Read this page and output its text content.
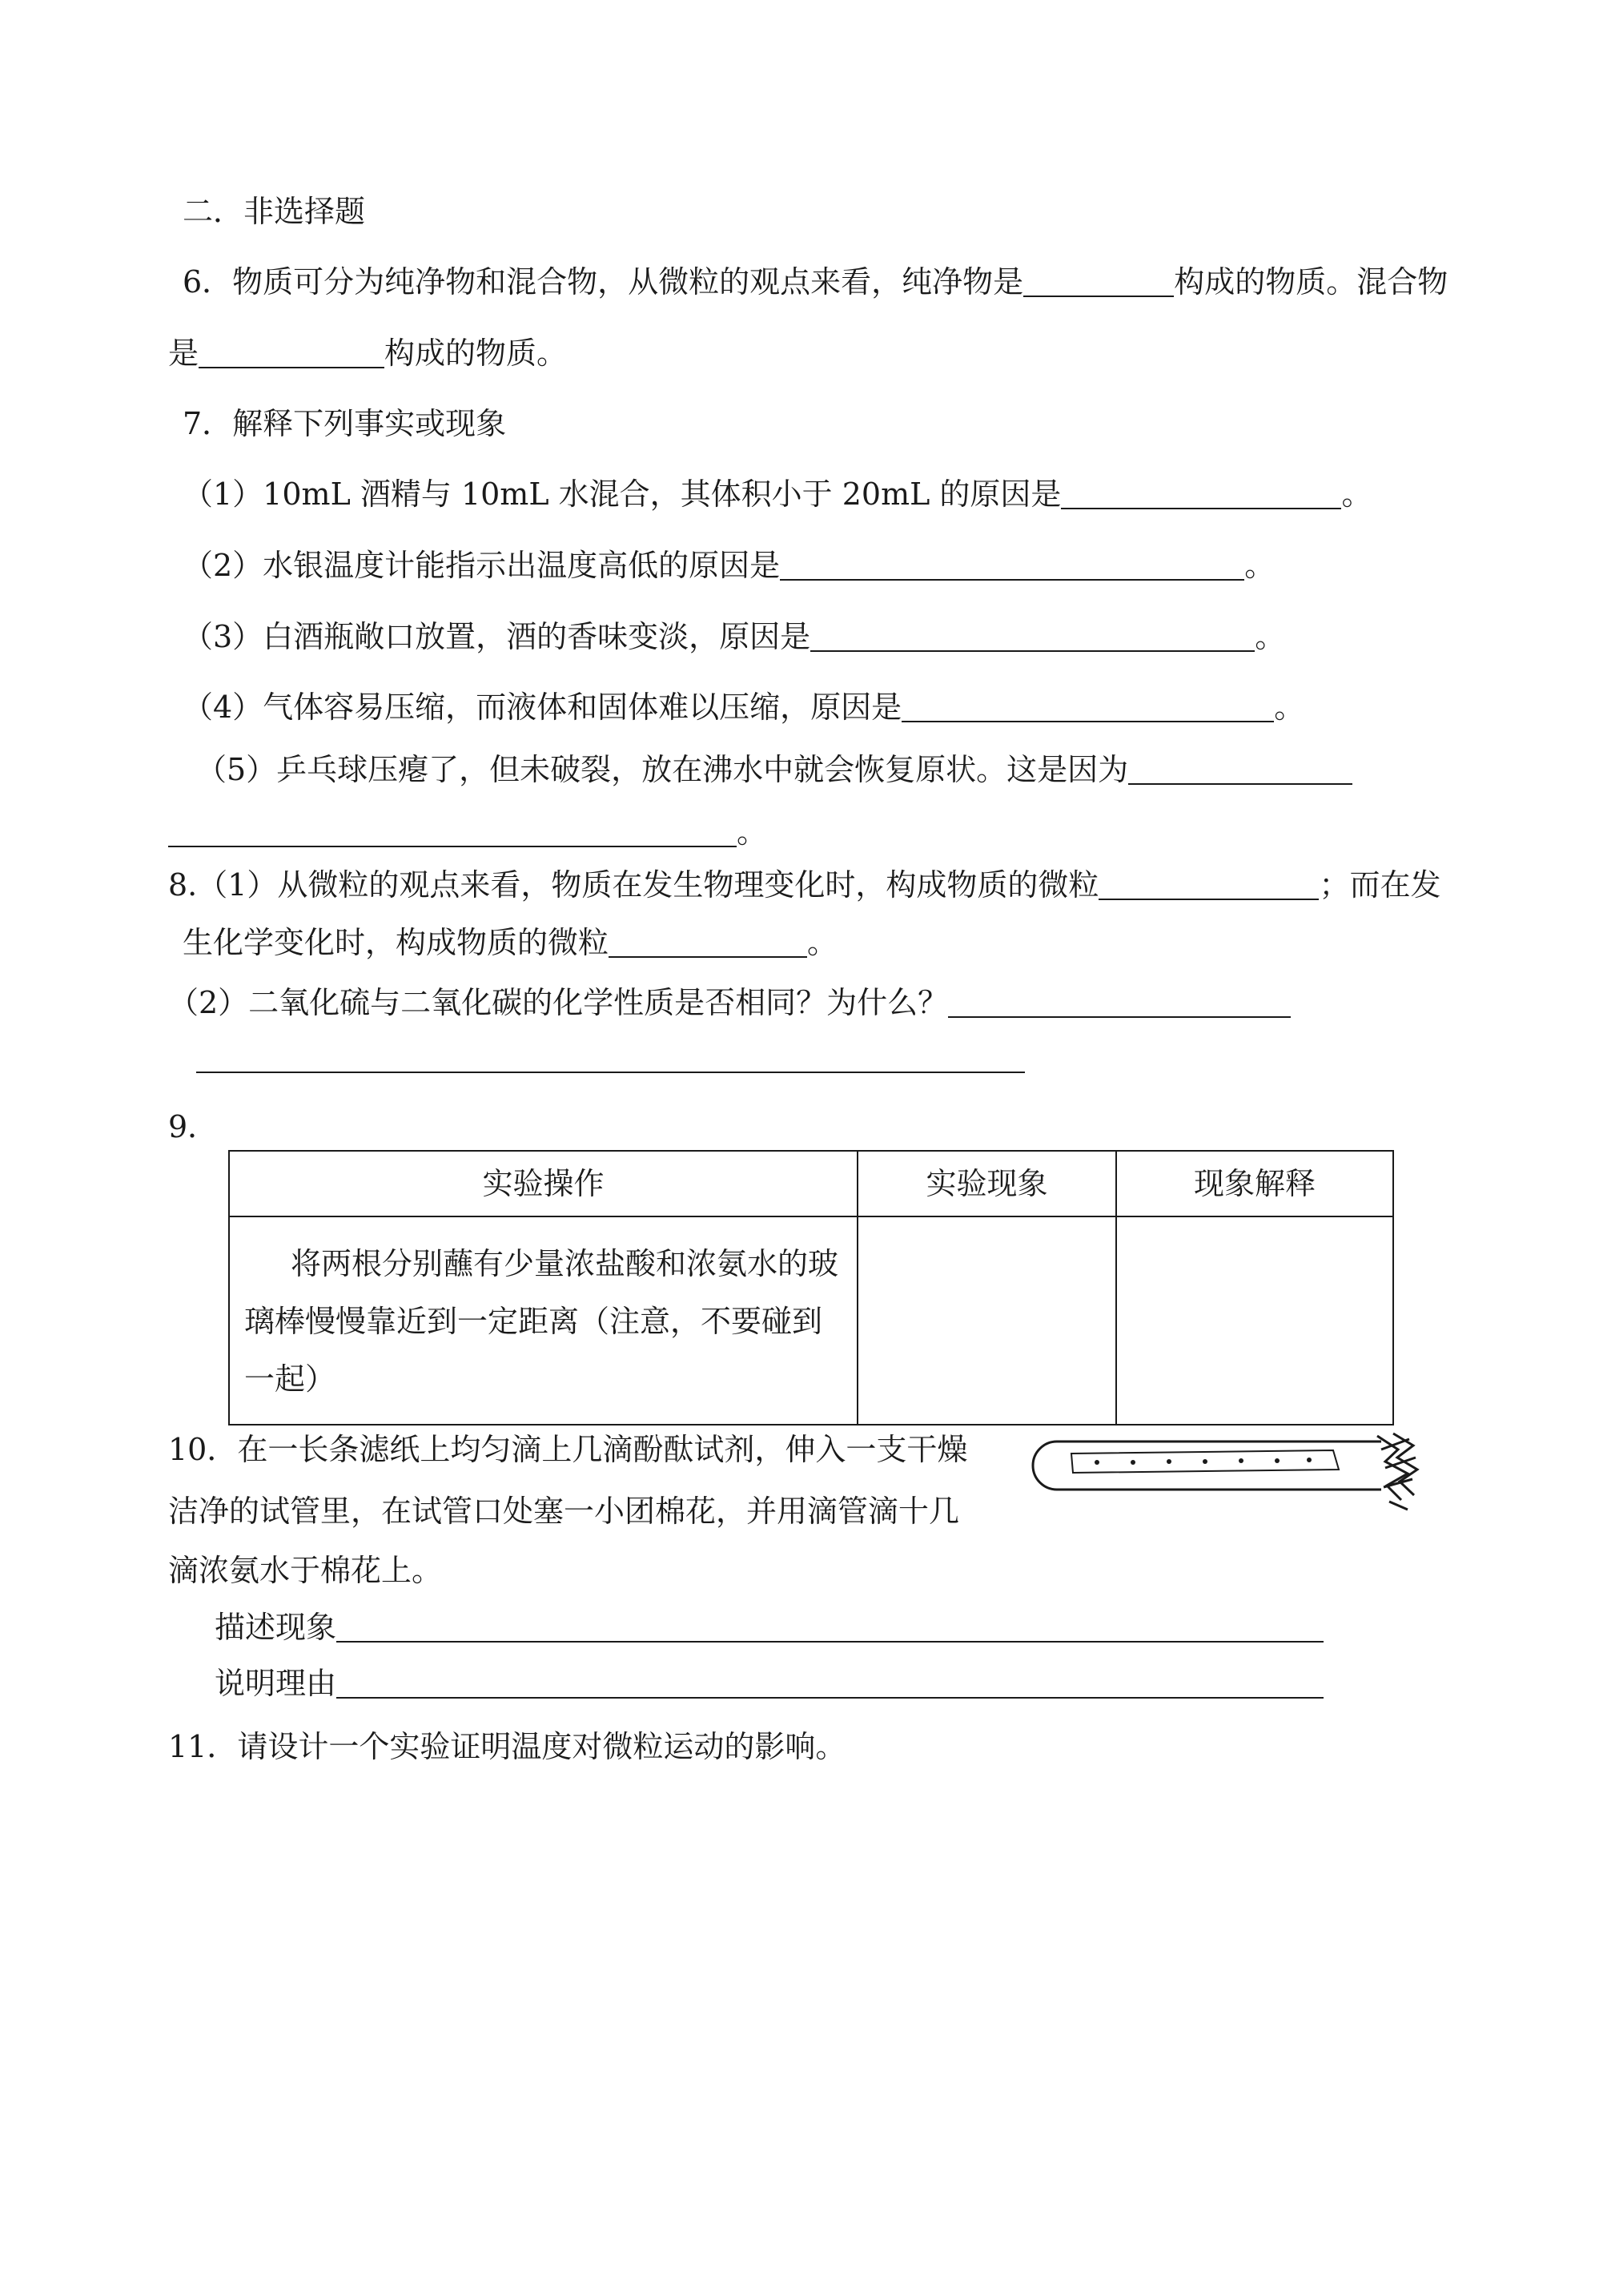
二．非选择题
6．物质可分为纯净物和混合物，从微粒的观点来看，纯净物是	构成的物质。混合物
是	构成的物质。
7．解释下列事实或现象
（1）10mL 酒精与 10mL 水混合，其体积小于 20mL 的原因是	。
（2）水银温度计能指示出温度高低的原因是	。
（3）白酒瓶敞口放置，酒的香味变淡，原因是	。
（4）气体容易压缩，而液体和固体难以压缩，原因是	。
（5）乒乓球压瘪了，但未破裂，放在沸水中就会恢复原状。这是因为
。
8.（1）从微粒的观点来看，物质在发生物理变化时，构成物质的微粒	；而在发
生化学变化时，构成物质的微粒	。
（2）二氧化硫与二氧化碳的化学性质是否相同？为什么？
9．
实验操作	实验现象	现象解释
将两根分别蘸有少量浓盐酸和浓氨水的玻璃棒慢慢靠近到一定距离（注意，不要碰到一起）		
10．在一长条滤纸上均匀滴上几滴酚酞试剂，伸入一支干燥
洁净的试管里，在试管口处塞一小团棉花，并用滴管滴十几
滴浓氨水于棉花上。
描述现象
说明理由
11．请设计一个实验证明温度对微粒运动的影响。
